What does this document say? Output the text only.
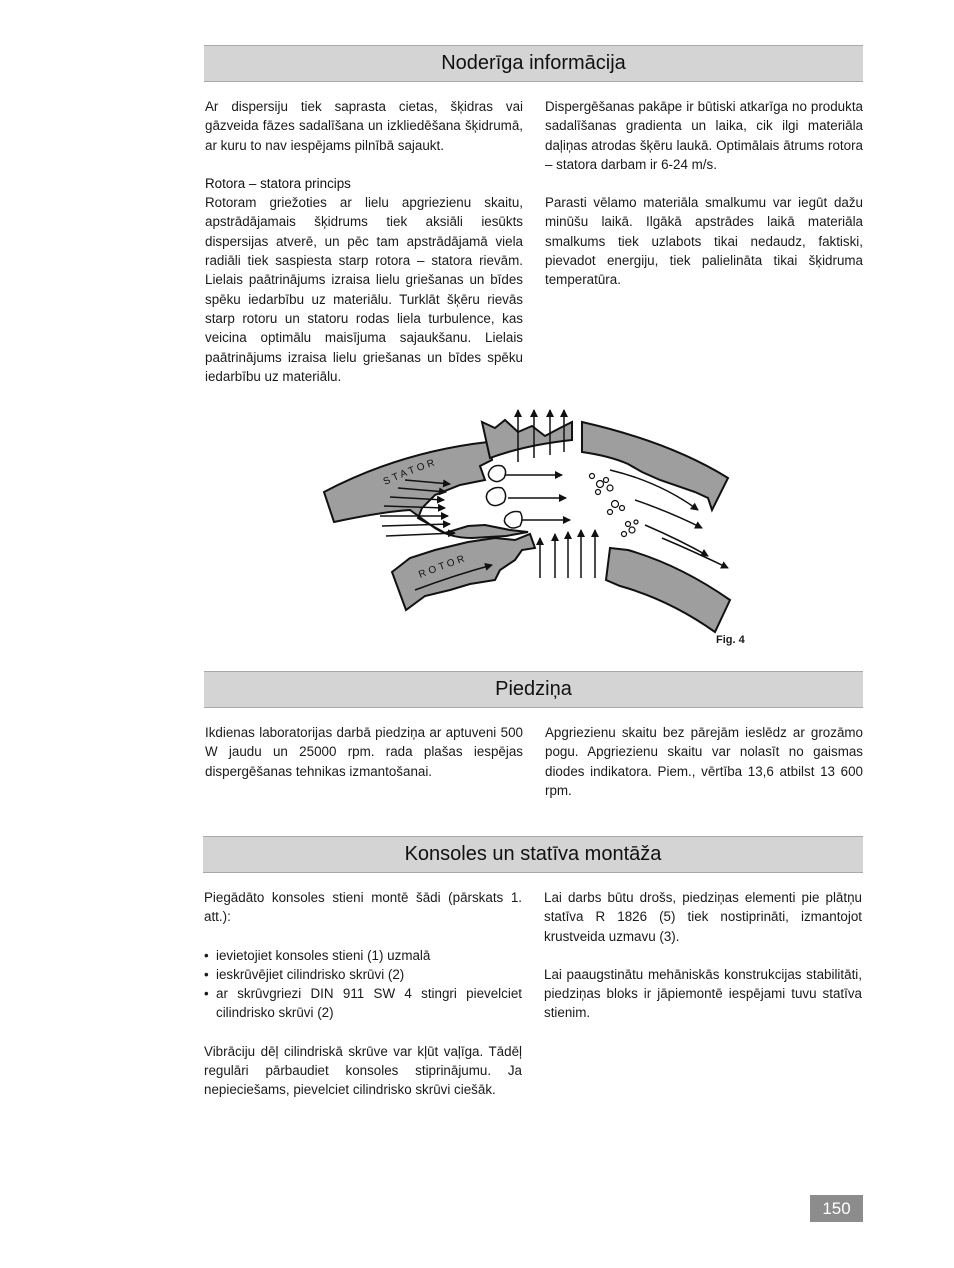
Noderīga informācija

Ar dispersiju tiek saprasta cietas, šķidras vai gāzveida fāzes sadalīšana un izkliedēšana šķidrumā, ar kuru to nav iespējams pilnībā sajaukt.

Rotora – statora princips

Rotoram griežoties ar lielu apgriezienu skaitu, apstrādājamais šķidrums tiek aksiāli iesūkts dispersijas atverē, un pēc tam apstrādājamā viela radiāli tiek saspiesta starp rotora – statora rievām. Lielais paātrinājums izraisa lielu griešanas un bīdes spēku iedarbību uz materiālu. Turklāt šķēru rievās starp rotoru un statoru rodas liela turbulence, kas veicina optimālu maisījuma sajaukšanu. Lielais paātrinājums izraisa lielu griešanas un bīdes spēku iedarbību uz materiālu.

Dispergēšanas pakāpe ir būtiski atkarīga no produkta sadalīšanas gradienta un laika, cik ilgi materiāla daļiņas atrodas šķēru laukā. Optimālais ātrums rotora – statora darbam ir 6-24 m/s.

Parasti vēlamo materiāla smalkumu var iegūt dažu minūšu laikā. Ilgākā apstrādes laikā materiāla smalkums tiek uzlabots tikai nedaudz, faktiski, pievadot energiju, tiek palielināta tikai šķidruma temperatūra.

STATOR
ROTOR
Fig. 4
Piedziņa

Ikdienas laboratorijas darbā piedziņa ar aptuveni 500 W jaudu un 25000 rpm. rada plašas iespējas dispergēšanas tehnikas izmantošanai.

Apgriezienu skaitu bez pārejām ieslēdz ar grozāmo pogu. Apgriezienu skaitu var nolasīt no gaismas diodes indikatora. Piem., vērtība 13,6 atbilst 13 600 rpm.

Konsoles un statīva montāža

Piegādāto konsoles stieni montē šādi (pārskats 1. att.):

• ievietojiet konsoles stieni (1) uzmalā
• ieskrūvējiet cilindrisko skrūvi (2)
• ar skrūvgriezi DIN 911 SW 4 stingri pievelciet cilindrisko skrūvi (2)

Vibrāciju dēļ cilindriskā skrūve var kļūt vaļīga. Tādēļ regulāri pārbaudiet konsoles stiprinājumu. Ja nepieciešams, pievelciet cilindrisko skrūvi ciešāk.

Lai darbs būtu drošs, piedziņas elementi pie plātņu statīva R 1826 (5) tiek nostiprināti, izmantojot krustveida uzmavu (3).

Lai paaugstinātu mehāniskās konstrukcijas stabilitāti, piedziņas bloks ir jāpiemontē iespējami tuvu statīva stienim.

150
